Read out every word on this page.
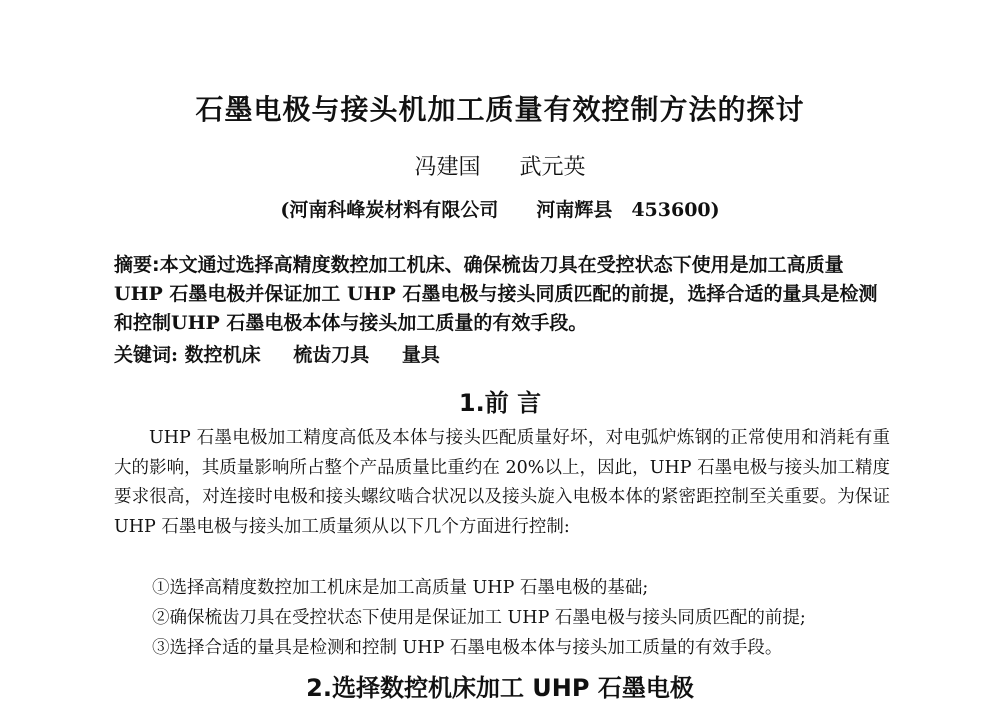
石墨电极与接头机加工质量有效控制方法的探讨
冯建国 武元英
(河南科峰炭材料有限公司　　河南辉县　453600)
摘要:本文通过选择高精度数控加工机床、确保梳齿刀具在受控状态下使用是加工高质量 UHP 石墨电极并保证加工 UHP 石墨电极与接头同质匹配的前提，选择合适的量具是检测和控制UHP 石墨电极本体与接头加工质量的有效手段。
关键词: 数控机床 梳齿刀具 量具
1.前 言
UHP 石墨电极加工精度高低及本体与接头匹配质量好坏，对电弧炉炼钢的正常使用和消耗有重大的影响，其质量影响所占整个产品质量比重约在 20%以上，因此，UHP 石墨电极与接头加工精度要求很高，对连接时电极和接头螺纹啮合状况以及接头旋入电极本体的紧密距控制至关重要。为保证 UHP 石墨电极与接头加工质量须从以下几个方面进行控制:
①选择高精度数控加工机床是加工高质量 UHP 石墨电极的基础;
②确保梳齿刀具在受控状态下使用是保证加工 UHP 石墨电极与接头同质匹配的前提;
③选择合适的量具是检测和控制 UHP 石墨电极本体与接头加工质量的有效手段。
2.选择数控机床加工 UHP 石墨电极
